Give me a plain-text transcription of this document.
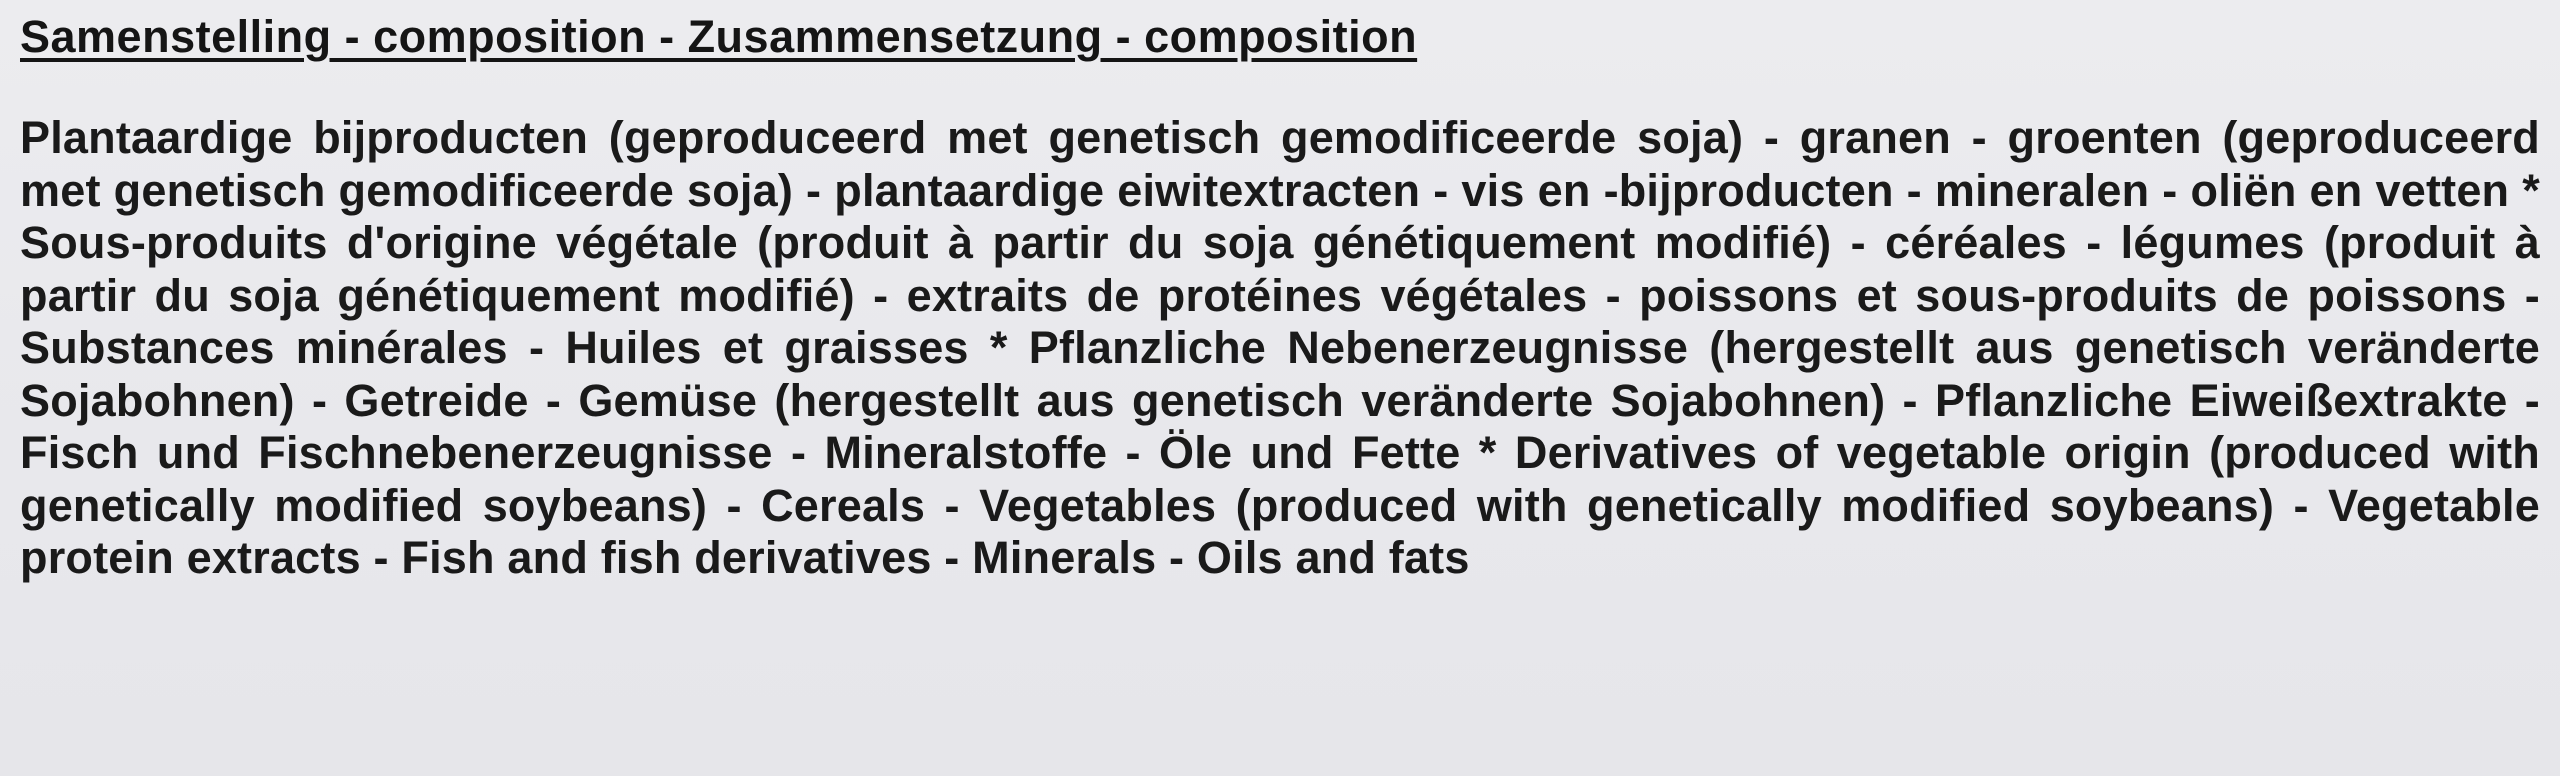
Samenstelling - composition - Zusammensetzung - composition

Plantaardige bijproducten (geproduceerd met genetisch gemodificeerde soja) - granen - groenten (geproduceerd met genetisch gemodificeerde soja) - plantaardige eiwitextracten - vis en -bijproducten - mineralen - oliën en vetten * Sous-produits d'origine végétale (produit à partir du soja génétiquement modifié) - céréales - légumes (produit à partir du soja génétiquement modifié) - extraits de protéines végétales - poissons et sous-produits de poissons - Substances minérales - Huiles et graisses * Pflanzliche Nebenerzeugnisse (hergestellt aus genetisch veränderte Sojabohnen) - Getreide - Gemüse (hergestellt aus genetisch veränderte Sojabohnen) - Pflanzliche Eiweißextrakte - Fisch und Fischnebenerzeugnisse - Mineralstoffe - Öle und Fette * Derivatives of vegetable origin (produced with genetically modified soybeans) - Cereals - Vegetables (produced with genetically modified soybeans) - Vegetable protein extracts - Fish and fish derivatives - Minerals - Oils and fats
